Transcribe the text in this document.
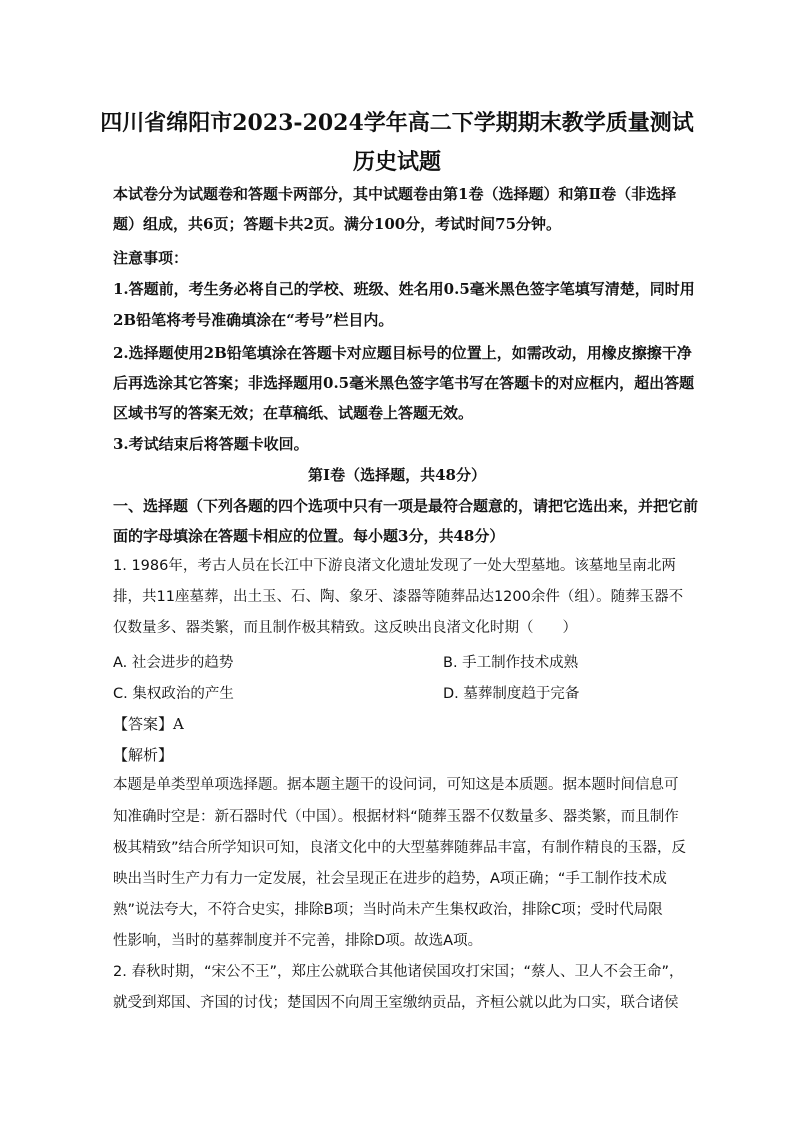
四川省绵阳市2023-2024学年高二下学期期末教学质量测试
历史试题
本试卷分为试题卷和答题卡两部分，其中试题卷由第1卷（选择题）和第Ⅱ卷（非选择
题）组成，共6页；答题卡共2页。满分100分，考试时间75分钟。
注意事项：
1.答题前，考生务必将自己的学校、班级、姓名用0.5毫米黑色签字笔填写清楚，同时用
2B铅笔将考号准确填涂在“考号”栏目内。
2.选择题使用2B铅笔填涂在答题卡对应题目标号的位置上，如需改动，用橡皮擦擦干净
后再选涂其它答案；非选择题用0.5毫米黑色签字笔书写在答题卡的对应框内，超出答题
区域书写的答案无效；在草稿纸、试题卷上答题无效。
3.考试结束后将答题卡收回。
第I卷（选择题，共48分）
一、选择题（下列各题的四个选项中只有一项是最符合题意的，请把它选出来，并把它前
面的字母填涂在答题卡相应的位置。每小题3分，共48分）
1. 1986年，考古人员在长江中下游良渚文化遗址发现了一处大型墓地。该墓地呈南北两
排，共11座墓葬，出土玉、石、陶、象牙、漆器等随葬品达1200余件（组）。随葬玉器不
仅数量多、器类繁，而且制作极其精致。这反映出良渚文化时期（　　）
A. 社会进步的趋势	B. 手工制作技术成熟
C. 集权政治的产生	D. 墓葬制度趋于完备
【答案】A
【解析】
本题是单类型单项选择题。据本题主题干的设问词，可知这是本质题。据本题时间信息可
知准确时空是：新石器时代（中国）。根据材料“随葬玉器不仅数量多、器类繁，而且制作
极其精致”结合所学知识可知，良渚文化中的大型墓葬随葬品丰富，有制作精良的玉器，反
映出当时生产力有力一定发展，社会呈现正在进步的趋势，A项正确；“手工制作技术成
熟”说法夸大，不符合史实，排除B项；当时尚未产生集权政治，排除C项；受时代局限
性影响，当时的墓葬制度并不完善，排除D项。故选A项。
2. 春秋时期，“宋公不王”，郑庄公就联合其他诸侯国攻打宋国；“蔡人、卫人不会王命”，
就受到郑国、齐国的讨伐；楚国因不向周王室缴纳贡品，齐桓公就以此为口实，联合诸侯
